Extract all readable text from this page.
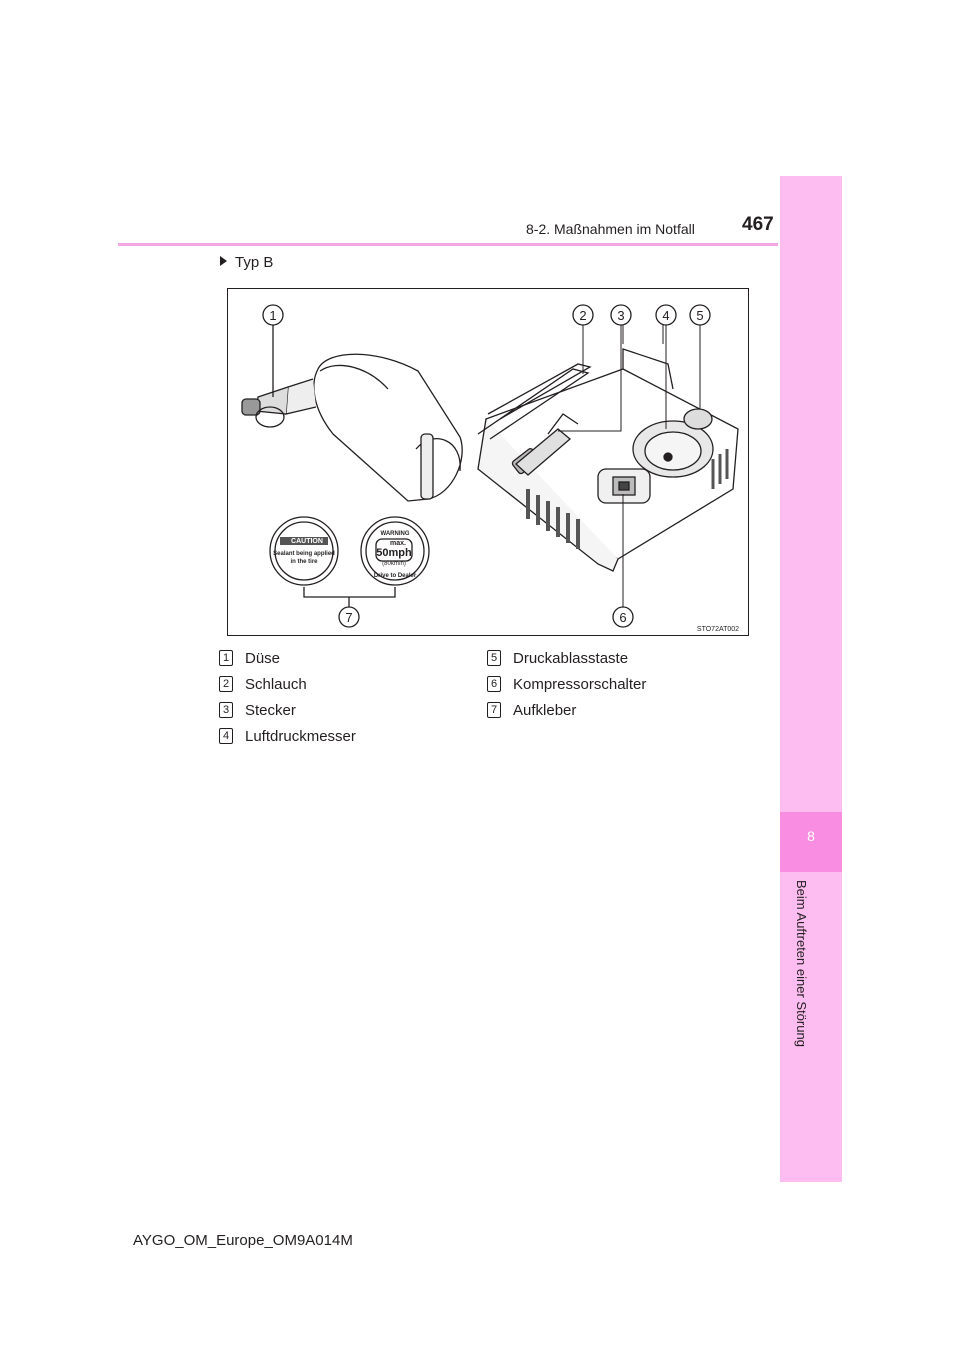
8-2. Maßnahmen im Notfall 467
8
Beim Auftreten einer Störung
Typ B
1	2 3	4 5
6
7
CAUTION
Sealant being applied
in the tire
WARNING
max.
50mph
(80km/h)
Drive to Dealer
STO72AT002
1 Düse
2 Schlauch
3 Stecker
4 Luftdruckmesser
5 Druckablasstaste
6 Kompressorschalter
7 Aufkleber
AYGO_OM_Europe_OM9A014M
